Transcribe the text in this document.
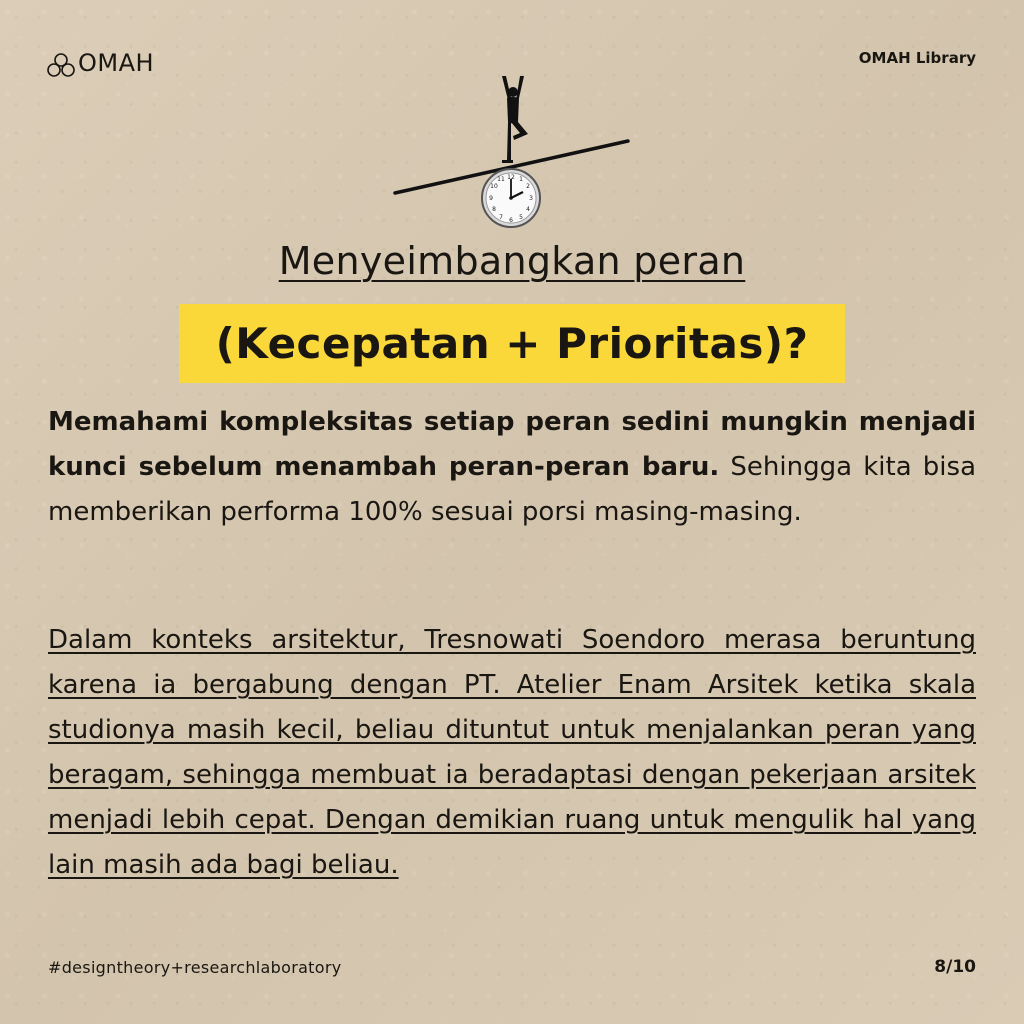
OMAH	OMAH Library
12 1
2
3
4
5
6
7
8
9
10
11
Menyeimbangkan peran
(Kecepatan + Prioritas)?
Memahami kompleksitas setiap peran sedini mungkin menjadi kunci sebelum menambah peran-peran baru. Sehingga kita bisa memberikan performa 100% sesuai porsi masing-masing.
Dalam konteks arsitektur, Tresnowati Soendoro merasa beruntung karena ia bergabung dengan PT. Atelier Enam Arsitek ketika skala studionya masih kecil, beliau dituntut untuk menjalankan peran yang beragam, sehingga membuat ia beradaptasi dengan pekerjaan arsitek menjadi lebih cepat. Dengan demikian ruang untuk mengulik hal yang lain masih ada bagi beliau.
#designtheory+researchlaboratory	8/10
